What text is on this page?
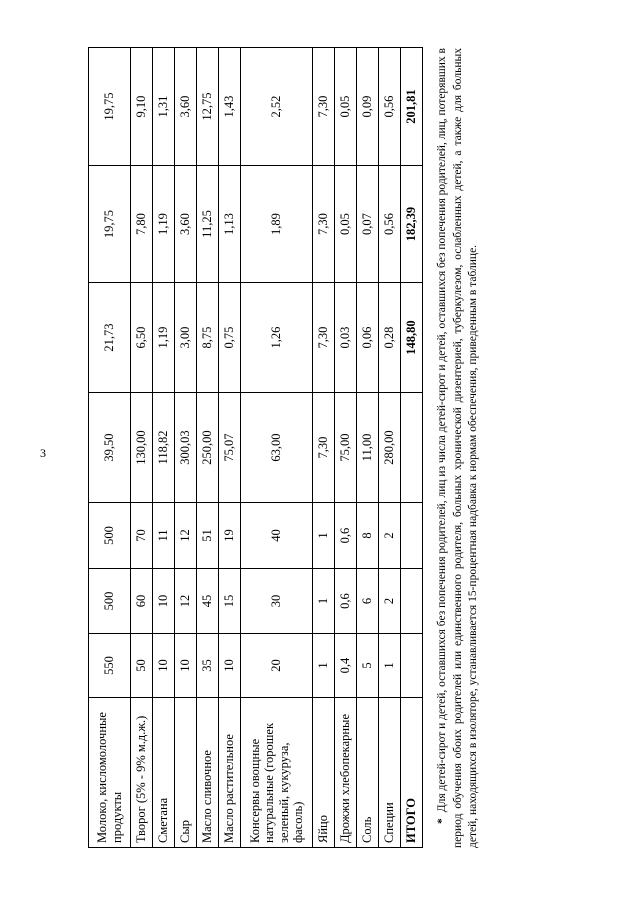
3
Молоко, кисломолочные продукты	550	500	500	39,50	21,73	19,75	19,75
Творог (5% - 9% м.д.ж.)	50	60	70	130,00	6,50	7,80	9,10
Сметана	10	10	11	118,82	1,19	1,19	1,31
Сыр	10	12	12	300,03	3,00	3,60	3,60
Масло сливочное	35	45	51	250,00	8,75	11,25	12,75
Масло растительное	10	15	19	75,07	0,75	1,13	1,43
Консервы овощные натуральные (горошек зеленый, кукуруза, фасоль)	20	30	40	63,00	1,26	1,89	2,52
Яйцо	1	1	1	7,30	7,30	7,30	7,30
Дрожжи хлебопекарные	0,4	0,6	0,6	75,00	0,03	0,05	0,05
Соль	5	6	8	11,00	0,06	0,07	0,09
Специи	1	2	2	280,00	0,28	0,56	0,56
ИТОГО					148,80	182,39	201,81
*Для детей-сирот и детей, оставшихся без попечения родителей, лиц из числа детей-сирот и детей, оставшихся без попечения родителей, лиц, потерявших в период обучения обоих родителей или единственного родителя, больных хронической дизентерией, туберкулезом, ослабленных детей, а также для больных детей, находящихся в изоляторе, устанавливается 15-процентная надбавка к нормам обеспечения, приведенным в таблице.
